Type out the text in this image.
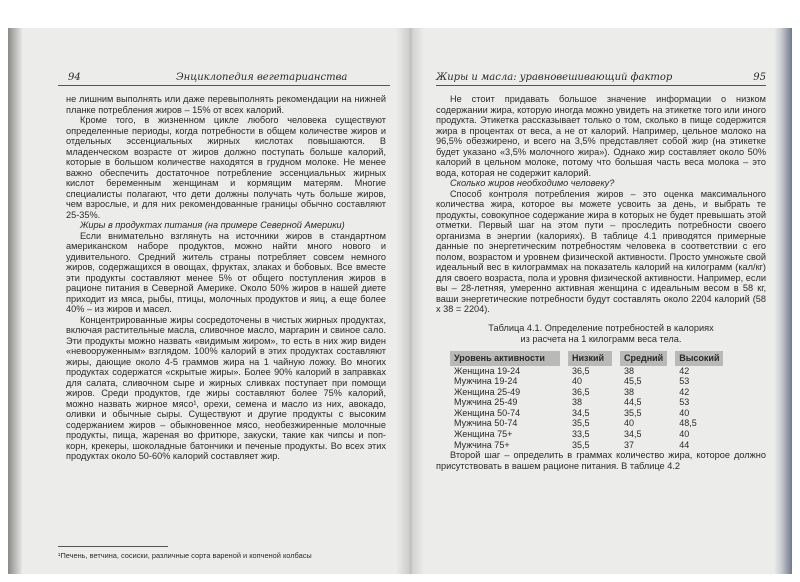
94	Энциклопедия вегетарианства

не лишним выполнять или даже перевыполнять рекомендации на нижней планке потребления жиров – 15% от всех калорий.

Кроме того, в жизненном цикле любого человека существуют определенные периоды, когда потребности в общем количестве жиров и отдельных эссенциальных жирных кислотах повышаются. В младенческом возрасте от жиров должно поступать больше калорий, которые в большом количестве находятся в грудном молоке. Не менее важно обеспечить достаточное потребление эссенциальных жирных кислот беременным женщинам и кормящим матерям. Многие специалисты полагают, что дети должны получать чуть больше жиров, чем взрослые, и для них рекомендованные границы обычно составляют 25-35%.

Жиры в продуктах питания (на примере Северной Америки)

Если внимательно взглянуть на источники жиров в стандартном американском наборе продуктов, можно найти много нового и удивительного. Средний житель страны потребляет совсем немного жиров, содержащихся в овощах, фруктах, злаках и бобовых. Все вместе эти продукты составляют менее 5% от общего поступления жиров в рационе питания в Северной Америке. Около 50% жиров в нашей диете приходит из мяса, рыбы, птицы, молочных продуктов и яиц, а еще более 40% – из жиров и масел.

Концентрированные жиры сосредоточены в чистых жирных продуктах, включая растительные масла, сливочное масло, маргарин и свиное сало. Эти продукты можно назвать «видимым жиром», то есть в них жир виден «невооруженным» взглядом. 100% калорий в этих продуктах составляют жиры, дающие около 4-5 граммов жира на 1 чайную ложку. Во многих продуктах содержатся «скрытые жиры». Более 90% калорий в заправках для салата, сливочном сыре и жирных сливках поступает при помощи жиров. Среди продуктов, где жиры составляют более 75% калорий, можно назвать жирное мясо¹, орехи, семена и масло из них, авокадо, оливки и обычные сыры. Существуют и другие продукты с высоким содержанием жиров – обыкновенное мясо, необезжиренные молочные продукты, пища, жареная во фритюре, закуски, такие как чипсы и поп-корн, крекеры, шоколадные батончики и печеные продукты. Во всех этих продуктах около 50-60% калорий составляет жир.

¹Печень, ветчина, сосиски, различные сорта вареной и копченой колбасы
Жиры и масла: уравновешивающий фактор	95

Не стоит придавать большое значение информации о низком содержании жира, которую иногда можно увидеть на этикетке того или иного продукта. Этикетка рассказывает только о том, сколько в пище содержится жира в процентах от веса, а не от калорий. Например, цельное молоко на 96,5% обезжирено, и всего на 3,5% представляет собой жир (на этикетке будет указано «3,5% молочного жира»). Однако жир составляет около 50% калорий в цельном молоке, потому что большая часть веса молока – это вода, которая не содержит калорий.

Сколько жиров необходимо человеку?

Способ контроля потребления жиров – это оценка максимального количества жира, которое вы можете усвоить за день, и выбрать те продукты, совокупное содержание жира в которых не будет превышать этой отметки. Первый шаг на этом пути – проследить потребности своего организма в энергии (калориях). В таблице 4.1 приводятся примерные данные по энергетическим потребностям человека в соответствии с его полом, возрастом и уровнем физической активности. Просто умножьте свой идеальный вес в килограммах на показатель калорий на килограмм (кал/кг) для своего возраста, пола и уровня физической активности. Например, если вы – 28-летняя, умеренно активная женщина с идеальным весом в 58 кг, ваши энергетические потребности будут составлять около 2204 калорий (58 x 38 = 2204).

Таблица 4.1. Определение потребностей в калориях
из расчета на 1 килограмм веса тела.
Уровень активности	Низкий	Средний	Высокий
Женщина 19-24	36,5	38	42
Мужчина 19-24	40	45,5	53
Женщина 25-49	36,5	38	42
Мужчина 25-49	38	44,5	53
Женщина 50-74	34,5	35,5	40
Мужчина 50-74	35,5	40	48,5
Женщина 75+	33,5	34,5	40
Мужчина 75+	35,5	37	44

Второй шаг – определить в граммах количество жира, которое должно присутствовать в вашем рационе питания. В таблице 4.2
